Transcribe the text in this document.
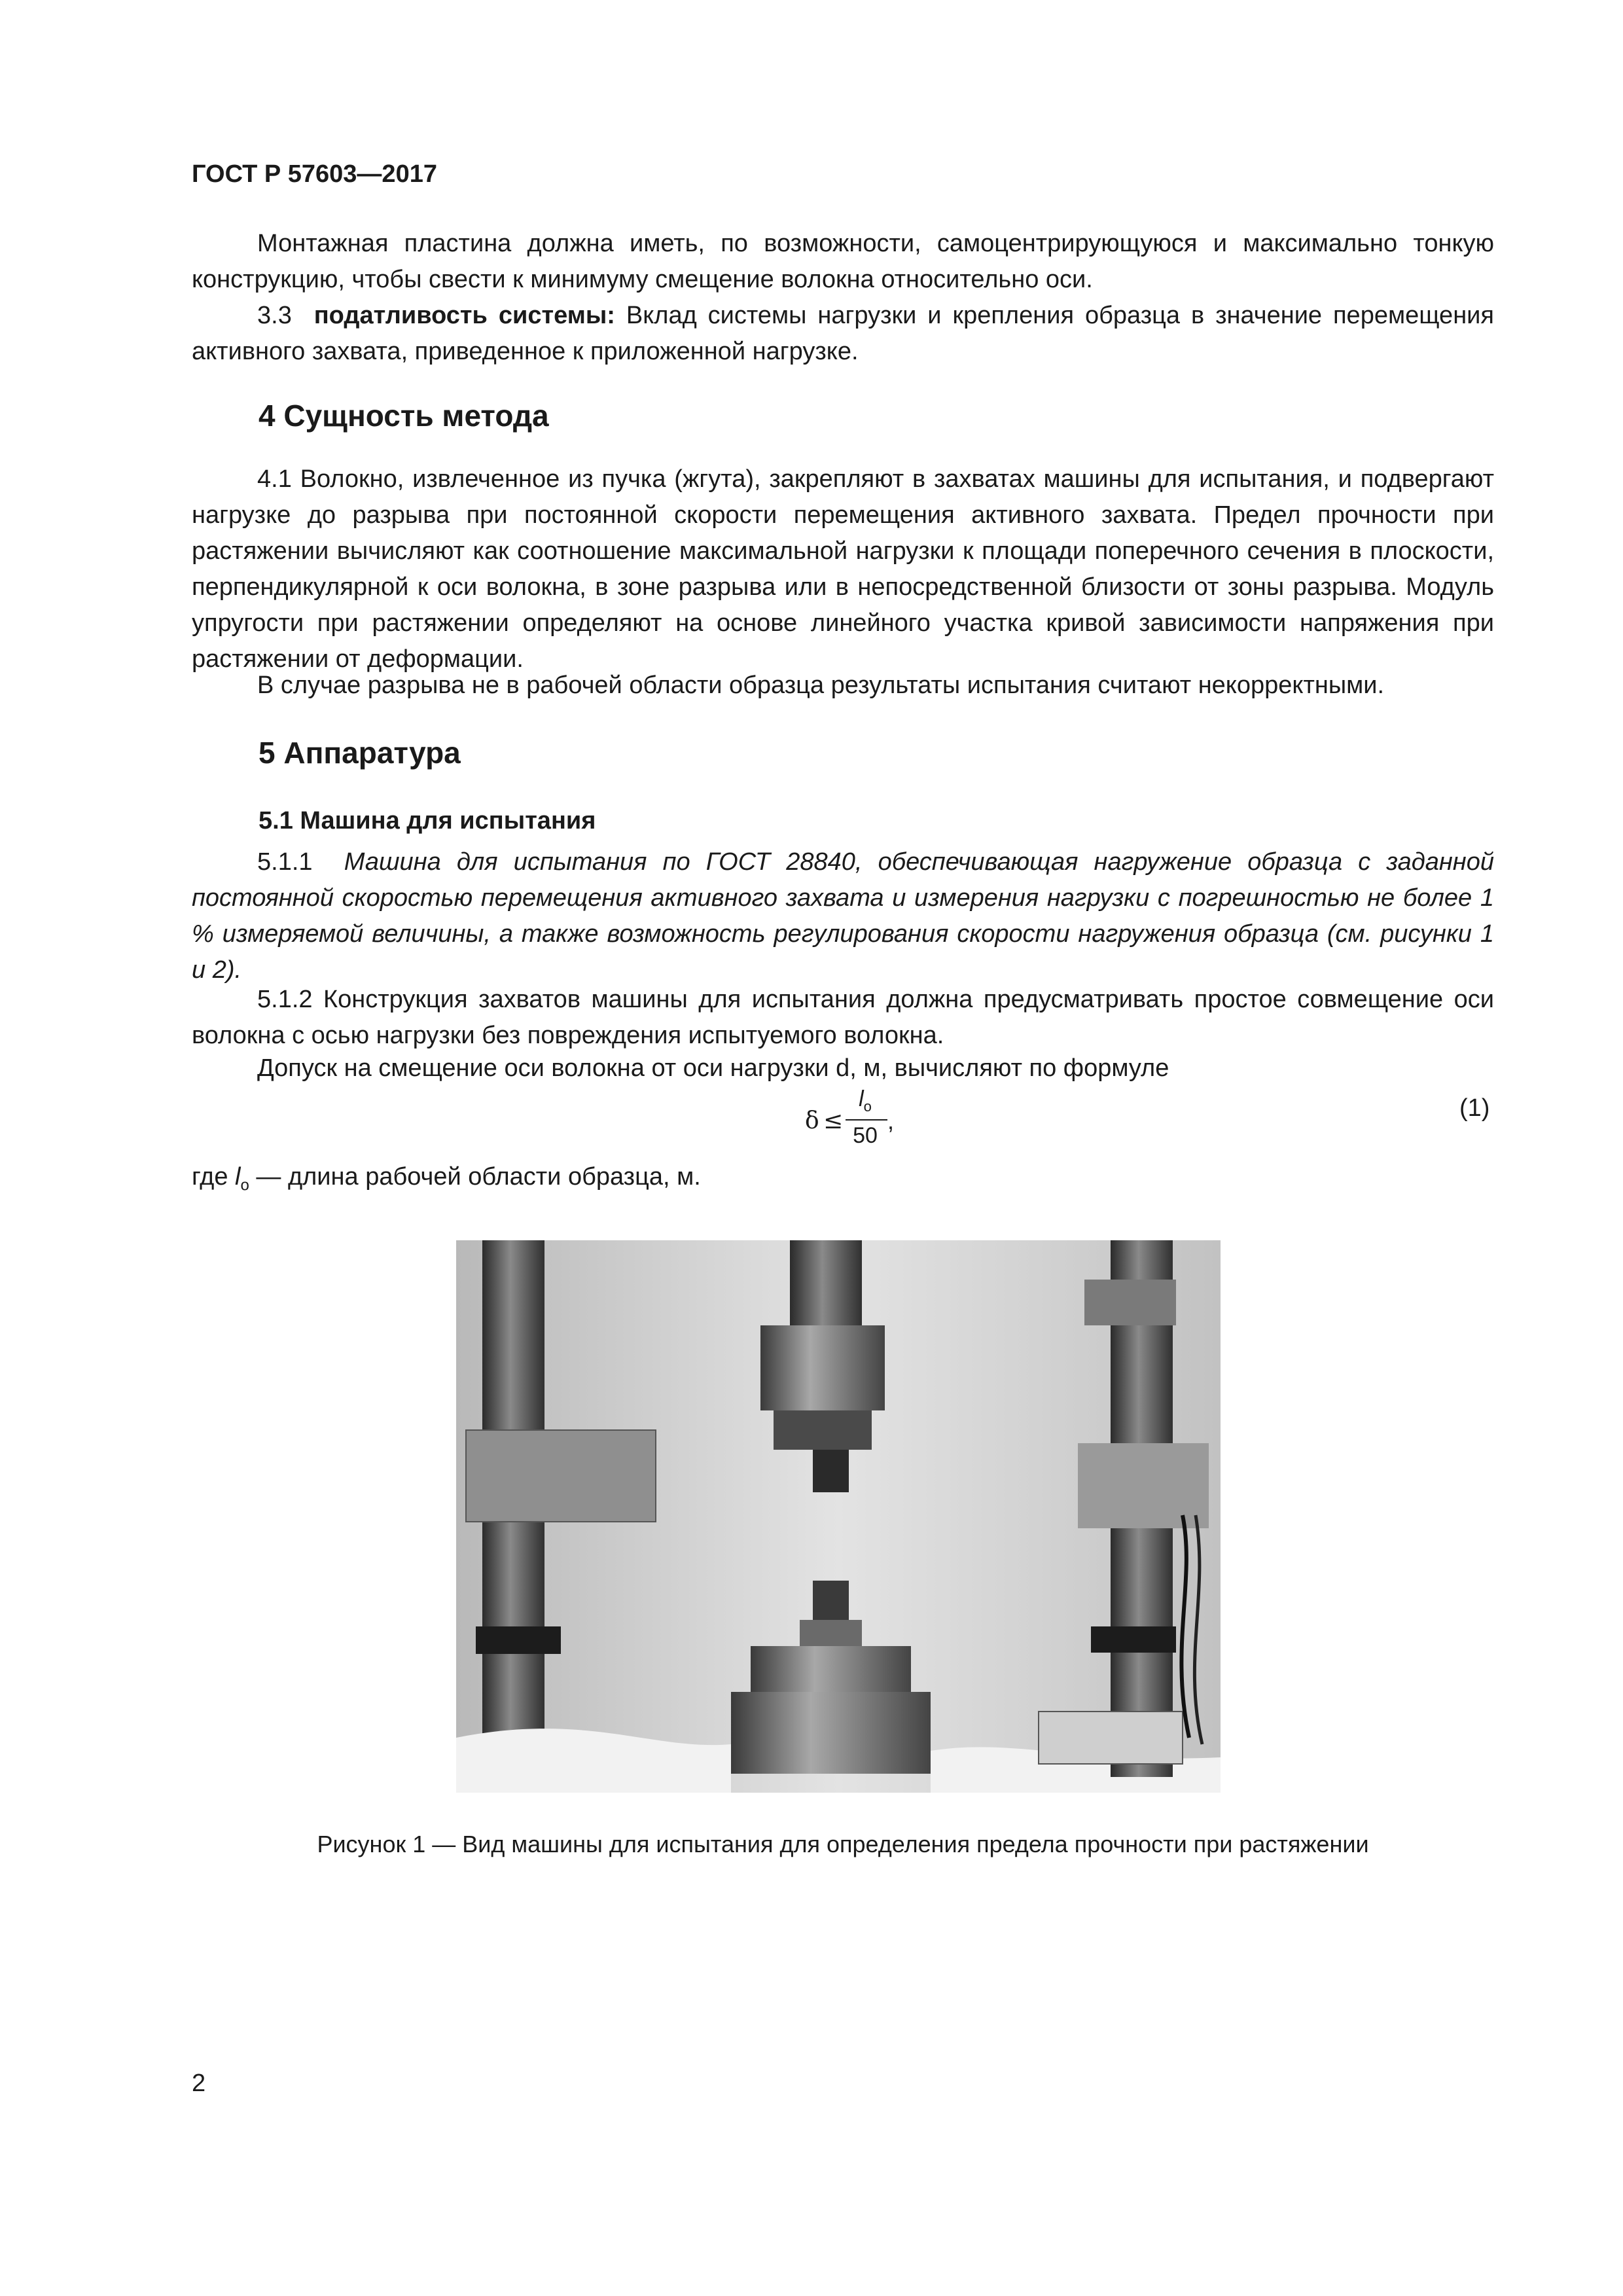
ГОСТ Р 57603—2017

Монтажная пластина должна иметь, по возможности, самоцентрирующуюся и максимально тонкую конструкцию, чтобы свести к минимуму смещение волокна относительно оси.

3.3 податливость системы: Вклад системы нагрузки и крепления образца в значение перемещения активного захвата, приведенное к приложенной нагрузке.

4 Сущность метода

4.1 Волокно, извлеченное из пучка (жгута), закрепляют в захватах машины для испытания, и подвергают нагрузке до разрыва при постоянной скорости перемещения активного захвата. Предел прочности при растяжении вычисляют как соотношение максимальной нагрузки к площади поперечного сечения в плоскости, перпендикулярной к оси волокна, в зоне разрыва или в непосредственной близости от зоны разрыва. Модуль упругости при растяжении определяют на основе линейного участка кривой зависимости напряжения при растяжении от деформации.

В случае разрыва не в рабочей области образца результаты испытания считают некорректными.

5 Аппаратура
5.1 Машина для испытания

5.1.1 Машина для испытания по ГОСТ 28840, обеспечивающая нагружение образца с заданной постоянной скоростью перемещения активного захвата и измерения нагрузки с погрешностью не более 1 % измеряемой величины, а также возможность регулирования скорости нагружения образца (см. рисунки 1 и 2).

5.1.2 Конструкция захватов машины для испытания должна предусматривать простое совмещение оси волокна с осью нагрузки без повреждения испытуемого волокна.

Допуск на смещение оси волокна от оси нагрузки d, м, вычисляют по формуле

δ ≤
$l_o$
50
,	(1)
где $l_o$ — длина рабочей области образца, м.
Рисунок 1 — Вид машины для испытания для определения предела прочности при растяжении
2
